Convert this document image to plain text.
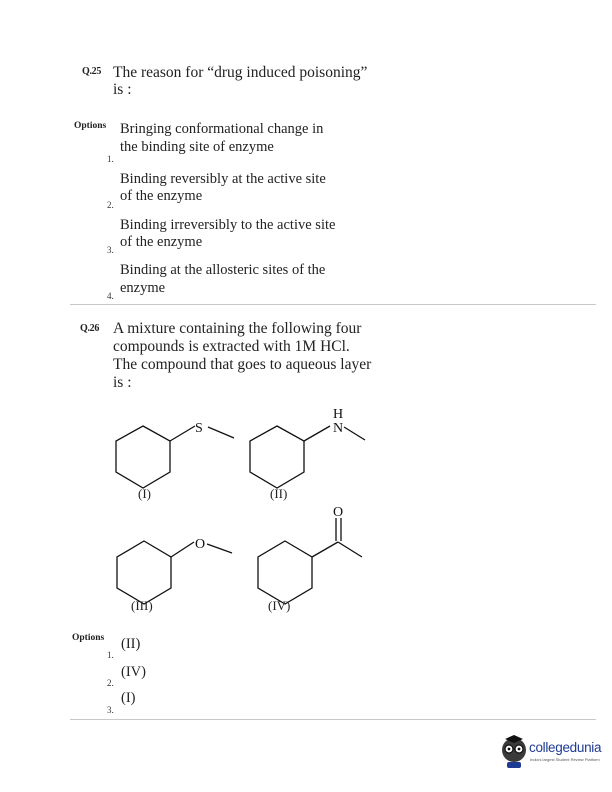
Q.25 The reason for “drug induced poisoning”
is :
Options Bringing conformational change in
the binding site of enzyme
1.
Binding reversibly at the active site
of the enzyme
2.
Binding irreversibly to the active site
of the enzyme
3.
Binding at the allosteric sites of the
enzyme
4.
Q.26 A mixture containing the following four
compounds is extracted with 1M HCl.
The compound that goes to aqueous layer
is :
S
H
N
O
O
(I)	(II)
(III)	(IV)
Options (II)
1.
(IV)
2.
(I)
3.
collegedunia
India's largest Student Review Platform
